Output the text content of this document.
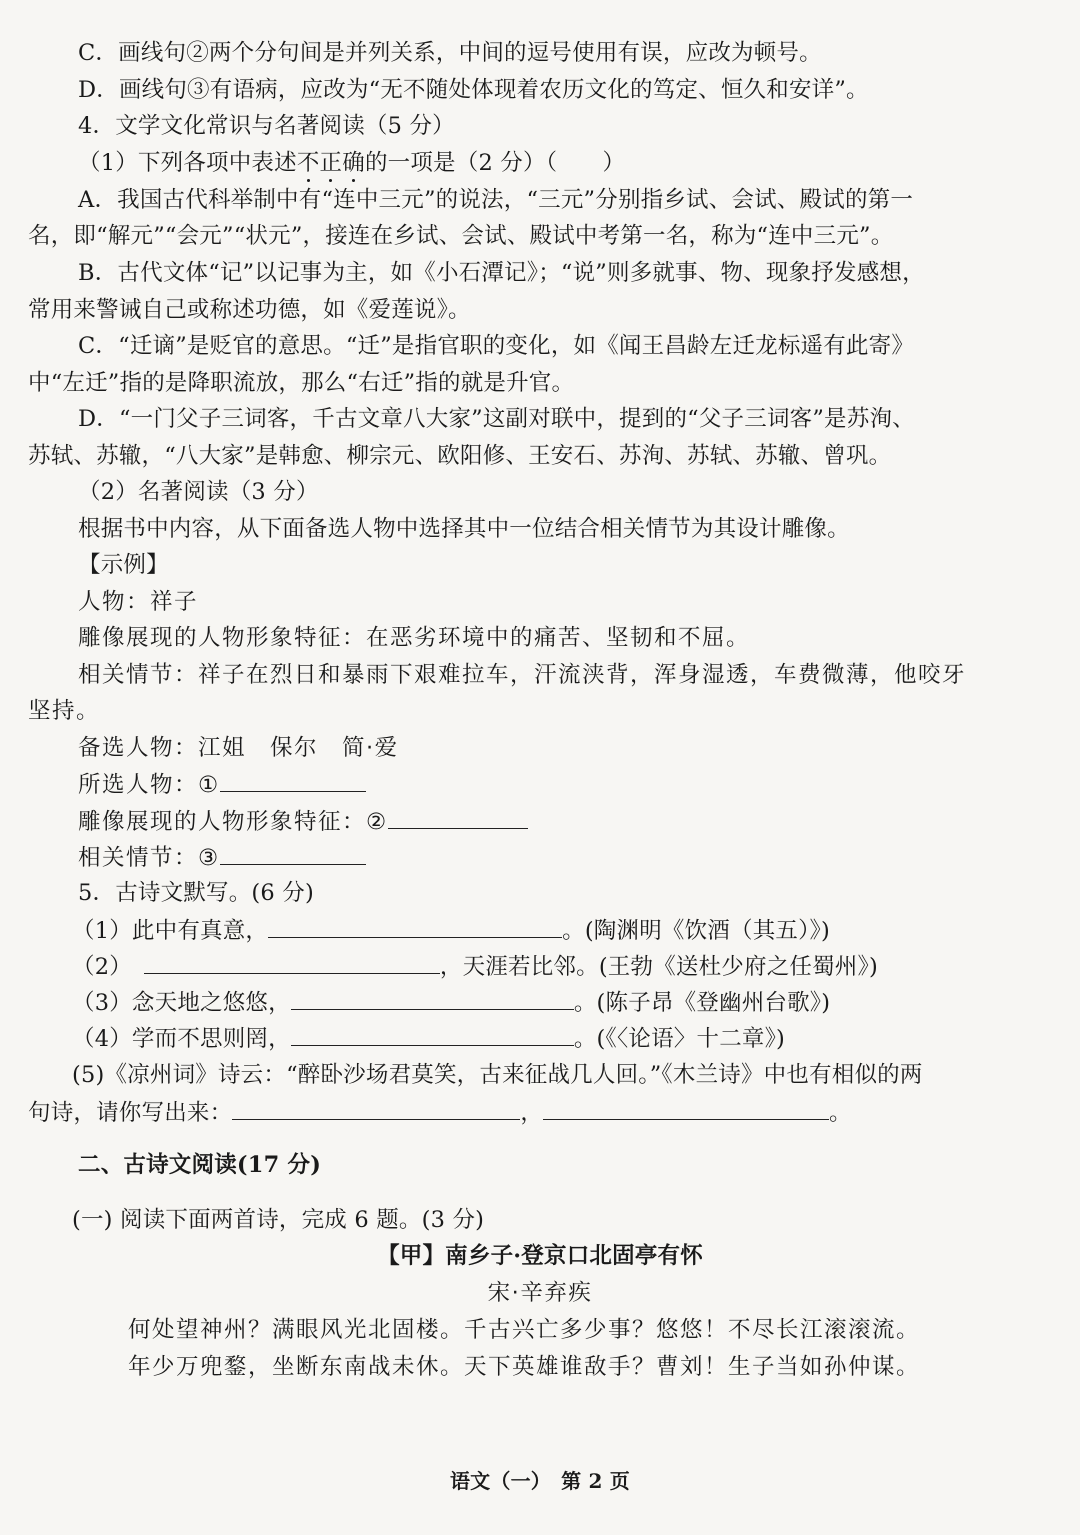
C．画线句②两个分句间是并列关系，中间的逗号使用有误，应改为顿号。
D．画线句③有语病，应改为“无不随处体现着农历文化的笃定、恒久和安详”。
4．文学文化常识与名著阅读（5 分）
（1）下列各项中表述不正确的一项是（2 分）（　　）
A．我国古代科举制中有“连中三元”的说法，“三元”分别指乡试、会试、殿试的第一
名，即“解元”“会元”“状元”，接连在乡试、会试、殿试中考第一名，称为“连中三元”。
B．古代文体“记”以记事为主，如《小石潭记》；“说”则多就事、物、现象抒发感想，
常用来警诫自己或称述功德，如《爱莲说》。
C．“迁谪”是贬官的意思。“迁”是指官职的变化，如《闻王昌龄左迁龙标遥有此寄》
中“左迁”指的是降职流放，那么“右迁”指的就是升官。
D．“一门父子三词客，千古文章八大家”这副对联中，提到的“父子三词客”是苏洵、
苏轼、苏辙，“八大家”是韩愈、柳宗元、欧阳修、王安石、苏洵、苏轼、苏辙、曾巩。
（2）名著阅读（3 分）
根据书中内容，从下面备选人物中选择其中一位结合相关情节为其设计雕像。
【示例】
人物：祥子
雕像展现的人物形象特征：在恶劣环境中的痛苦、坚韧和不屈。
相关情节：祥子在烈日和暴雨下艰难拉车，汗流浃背，浑身湿透，车费微薄，他咬牙
坚持。
备选人物：江姐　保尔　简·爱
所选人物：①
雕像展现的人物形象特征：②
相关情节：③
5．古诗文默写。(6 分)
（1）此中有真意，	。(陶渊明《饮酒（其五）》)
（2）	，天涯若比邻。(王勃《送杜少府之任蜀州》)
（3）念天地之悠悠，	。(陈子昂《登幽州台歌》)
（4）学而不思则罔，	。(《〈论语〉十二章》)
(5)《凉州词》诗云：“醉卧沙场君莫笑，古来征战几人回。”《木兰诗》中也有相似的两
句诗，请你写出来：	，	。
二、古诗文阅读(17 分)
(一) 阅读下面两首诗，完成 6 题。(3 分)
【甲】南乡子·登京口北固亭有怀
宋·辛弃疾
何处望神州？满眼风光北固楼。千古兴亡多少事？悠悠！不尽长江滚滚流。
年少万兜鍪，坐断东南战未休。天下英雄谁敌手？曹刘！生子当如孙仲谋。
语文（一）　第 2 页
